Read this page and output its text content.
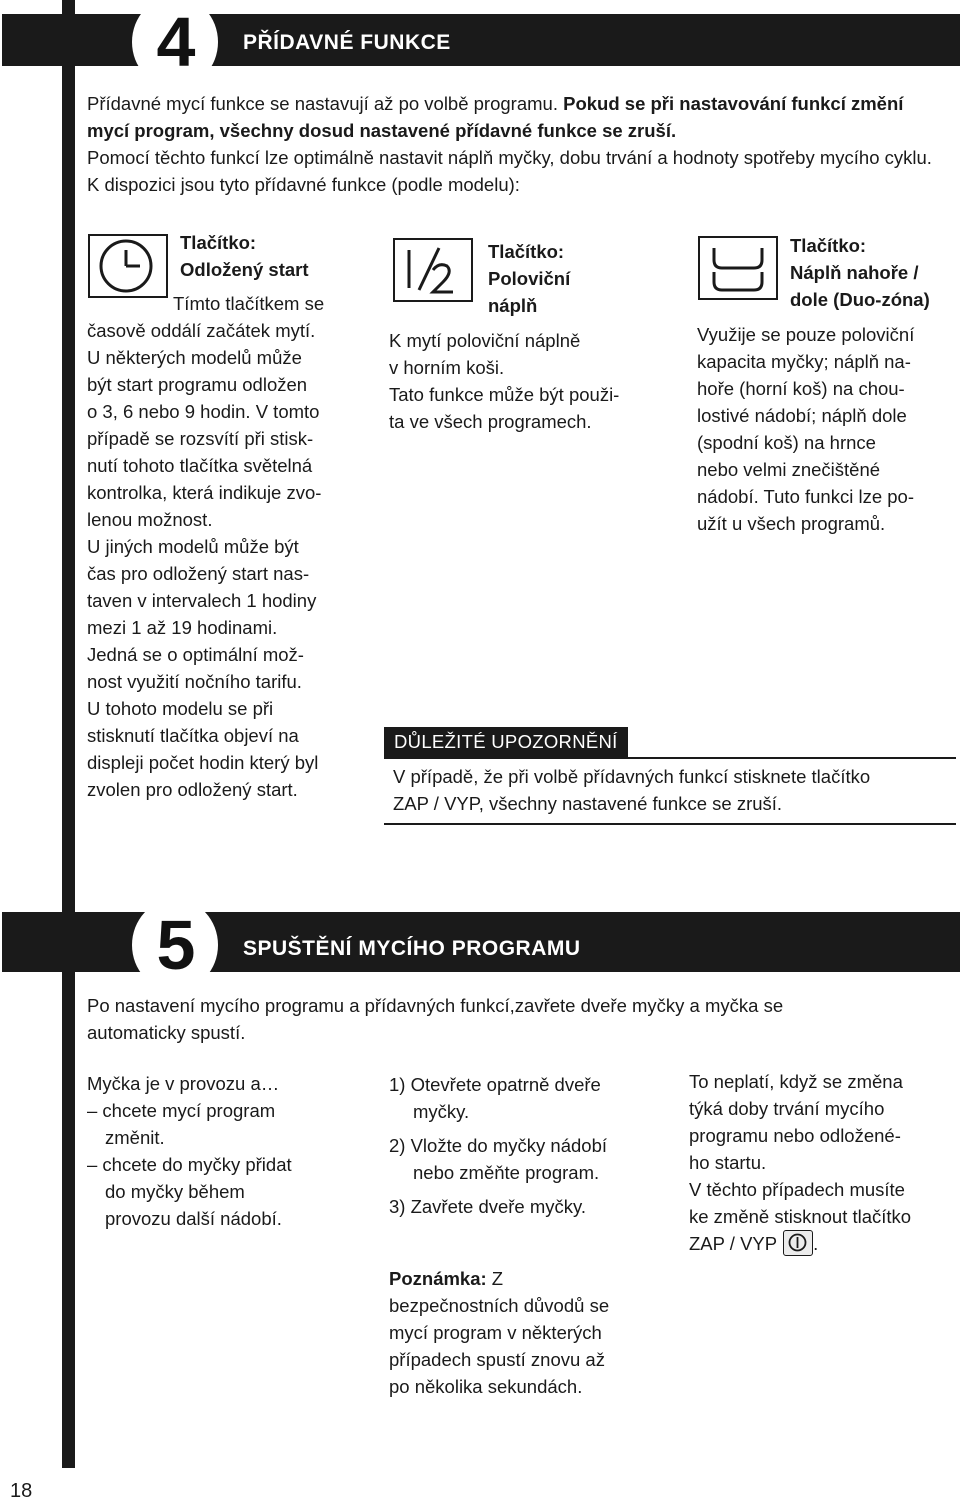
4	PŘÍDAVNÉ FUNKCE

Přídavné mycí funkce se nastavují až po volbě programu. Pokud se při nastavování funkcí změní mycí program, všechny dosud nastavené přídavné funkce se zruší.

Pomocí těchto funkcí lze optimálně nastavit náplň myčky, dobu trvání a hodnoty spotřeby mycího cyklu. K dispozici jsou tyto přídavné funkce (podle modelu):

Tlačítko:
Odložený start
Tímto tlačítkem se
časově oddálí začátek mytí.
U některých modelů může
být start programu odložen
o 3, 6 nebo 9 hodin. V tomto
případě se rozsvítí při stisk-
nutí tohoto tlačítka světelná
kontrolka, která indikuje zvo-
lenou možnost.
U jiných modelů může být
čas pro odložený start nas-
taven v intervalech 1 hodiny
mezi 1 až 19 hodinami.
Jedná se o optimální mož-
nost využití nočního tarifu.
U tohoto modelu se při
stisknutí tlačítka objeví na
displeji počet hodin který byl
zvolen pro odložený start.
Tlačítko:
Poloviční
náplň
K mytí poloviční náplně
v horním koši.
Tato funkce může být použi-
ta ve všech programech.
Tlačítko:
Náplň nahoře /
dole (Duo-zóna)
Využije se pouze poloviční
kapacita myčky; náplň na-
hoře (horní koš) na chou-
lostivé nádobí; náplň dole
(spodní koš) na hrnce
nebo velmi znečištěné
nádobí. Tuto funkci lze po-
užít u všech programů.
DŮLEŽITÉ UPOZORNĚNÍ
V případě, že při volbě přídavných funkcí stisknete tlačítko
ZAP / VYP, všechny nastavené funkce se zruší.
5	SPUŠTĚNÍ MYCÍHO PROGRAMU
Po nastavení mycího programu a přídavných funkcí,zavřete dveře myčky a myčka se
automaticky spustí.
Myčka je v provozu a…
– chcete mycí program
změnit.
– chcete do myčky přidat
do myčky během
provozu další nádobí.
1) Otevřete opatrně dveře
myčky.
2) Vložte do myčky nádobí
nebo změňte program.
3) Zavřete dveře myčky.
Poznámka: Z
bezpečnostních důvodů se
mycí program v některých
případech spustí znovu až
po několika sekundách.
To neplatí, když se změna
týká doby trvání mycího
programu nebo odložené-
ho startu.
V těchto případech musíte
ke změně stisknout tlačítko
ZAP / VYP .
18
